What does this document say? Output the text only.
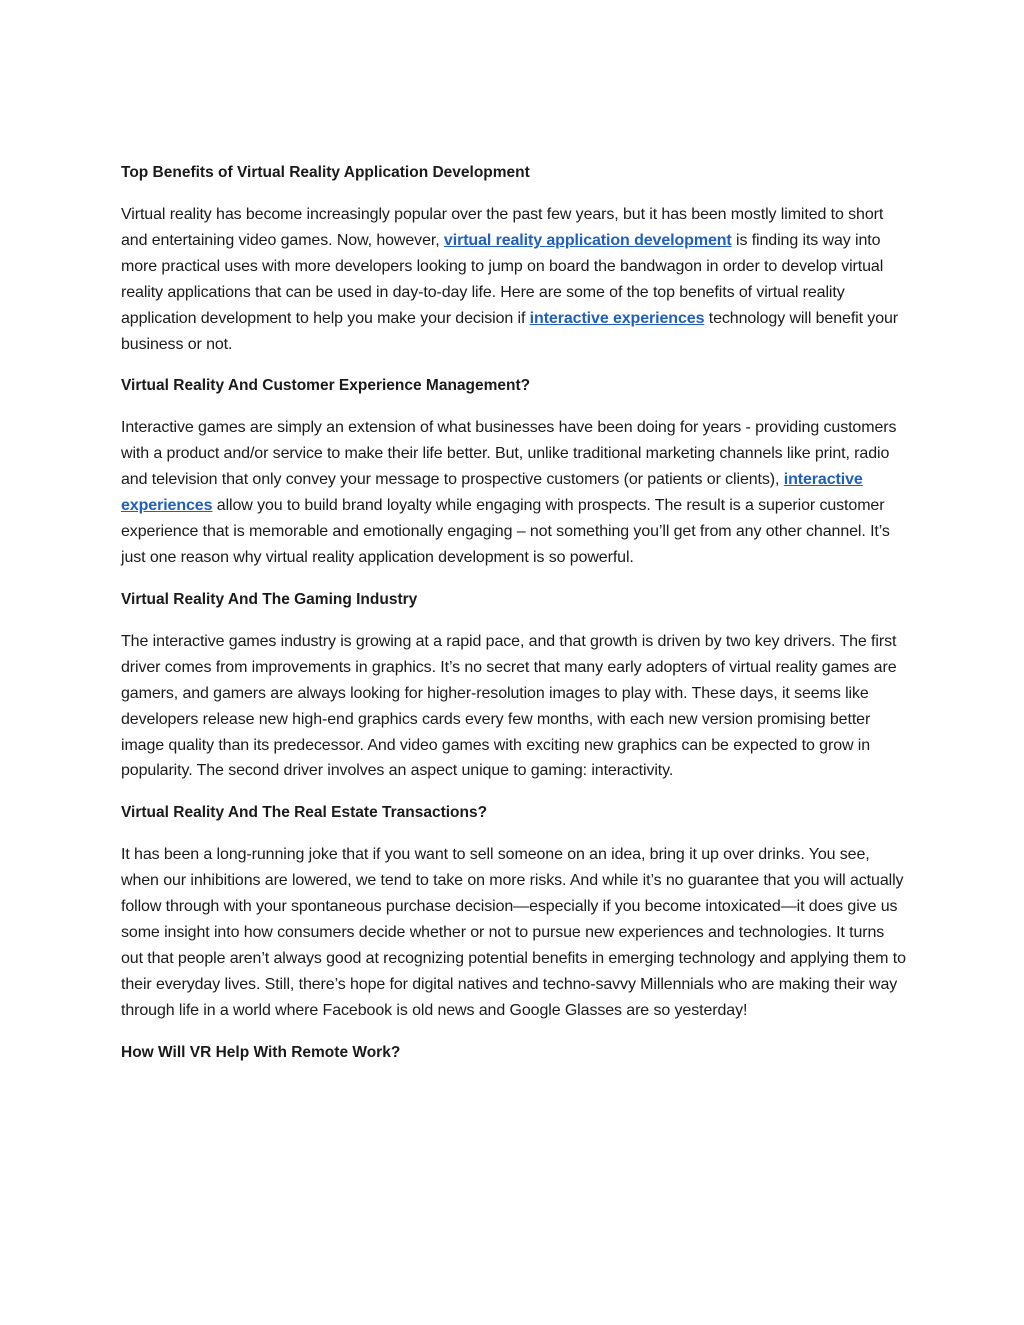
Top Benefits of Virtual Reality Application Development

Virtual reality has become increasingly popular over the past few years, but it has been mostly limited to short and entertaining video games. Now, however, virtual reality application development is finding its way into more practical uses with more developers looking to jump on board the bandwagon in order to develop virtual reality applications that can be used in day-to-day life. Here are some of the top benefits of virtual reality application development to help you make your decision if interactive experiences technology will benefit your business or not.

Virtual Reality And Customer Experience Management?

Interactive games are simply an extension of what businesses have been doing for years - providing customers with a product and/or service to make their life better. But, unlike traditional marketing channels like print, radio and television that only convey your message to prospective customers (or patients or clients), interactive experiences allow you to build brand loyalty while engaging with prospects. The result is a superior customer experience that is memorable and emotionally engaging – not something you’ll get from any other channel. It’s just one reason why virtual reality application development is so powerful.

Virtual Reality And The Gaming Industry

The interactive games industry is growing at a rapid pace, and that growth is driven by two key drivers. The first driver comes from improvements in graphics. It’s no secret that many early adopters of virtual reality games are gamers, and gamers are always looking for higher-resolution images to play with. These days, it seems like developers release new high-end graphics cards every few months, with each new version promising better image quality than its predecessor. And video games with exciting new graphics can be expected to grow in popularity. The second driver involves an aspect unique to gaming: interactivity.

Virtual Reality And The Real Estate Transactions?

It has been a long-running joke that if you want to sell someone on an idea, bring it up over drinks. You see, when our inhibitions are lowered, we tend to take on more risks. And while it’s no guarantee that you will actually follow through with your spontaneous purchase decision—especially if you become intoxicated—it does give us some insight into how consumers decide whether or not to pursue new experiences and technologies. It turns out that people aren’t always good at recognizing potential benefits in emerging technology and applying them to their everyday lives. Still, there’s hope for digital natives and techno-savvy Millennials who are making their way through life in a world where Facebook is old news and Google Glasses are so yesterday!

How Will VR Help With Remote Work?
